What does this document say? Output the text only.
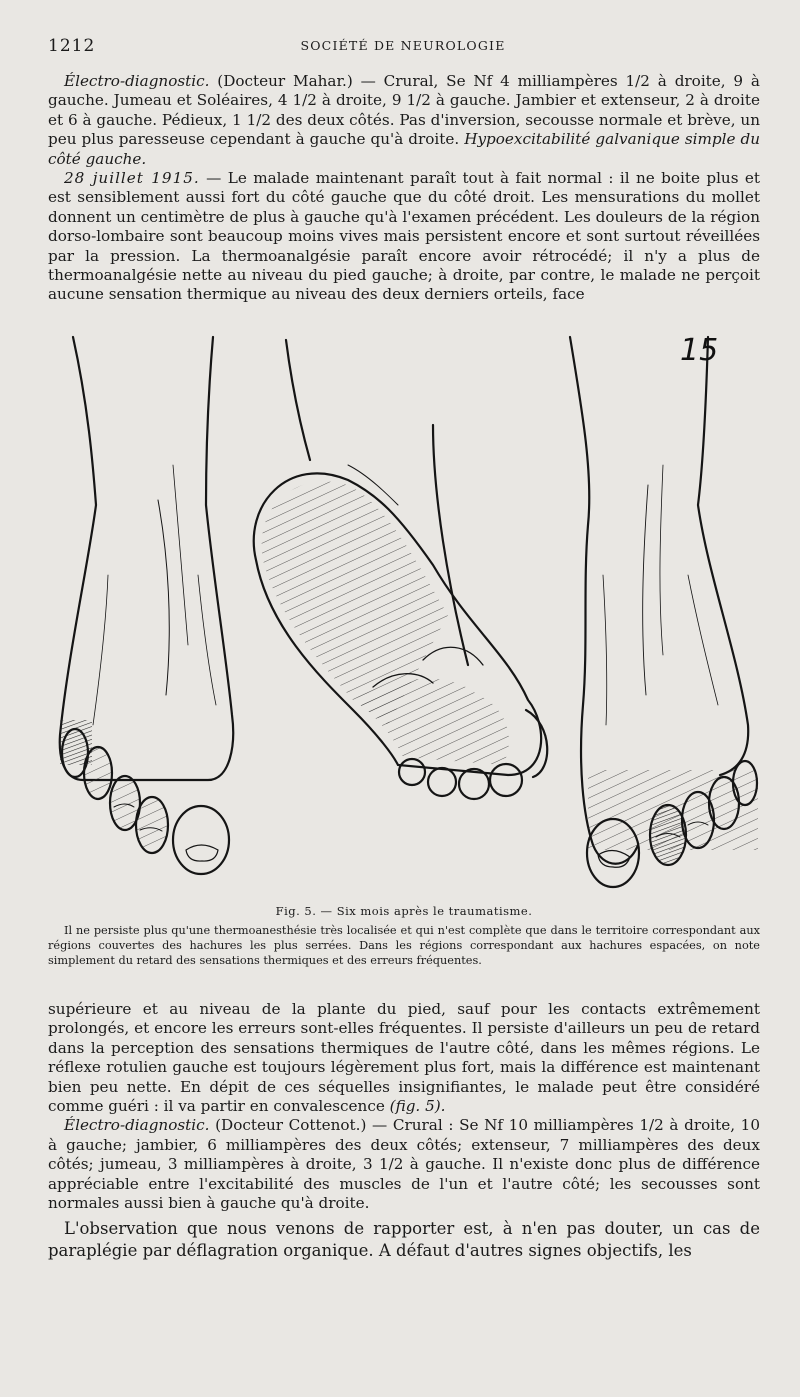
1212	SOCIÉTÉ DE NEUROLOGIE

Électro-diagnostic. (Docteur Mahar.) — Crural, Se Nf 4 milliampères 1/2 à droite, 9 à gauche. Jumeau et Soléaires, 4 1/2 à droite, 9 1/2 à gauche. Jambier et extenseur, 2 à droite et 6 à gauche. Pédieux, 1 1/2 des deux côtés. Pas d'inversion, secousse normale et brève, un peu plus paresseuse cependant à gauche qu'à droite. Hypoexcitabilité galvanique simple du côté gauche.

28 juillet 1915. — Le malade maintenant paraît tout à fait normal : il ne boite plus et est sensiblement aussi fort du côté gauche que du côté droit. Les mensurations du mollet donnent un centimètre de plus à gauche qu'à l'examen précédent. Les douleurs de la région dorso-lombaire sont beaucoup moins vives mais persistent encore et sont surtout réveillées par la pression. La thermoanalgésie paraît encore avoir rétrocédé; il n'y a plus de thermoanalgésie nette au niveau du pied gauche; à droite, par contre, le malade ne perçoit aucune sensation thermique au niveau des deux derniers orteils, face

15
Fig. 5. — Six mois après le traumatisme.

Il ne persiste plus qu'une thermoanesthésie très localisée et qui n'est complète que dans le territoire correspondant aux régions couvertes des hachures les plus serrées. Dans les régions correspondant aux hachures espacées, on note simplement du retard des sensations thermiques et des erreurs fréquentes.

supérieure et au niveau de la plante du pied, sauf pour les contacts extrêmement prolongés, et encore les erreurs sont-elles fréquentes. Il persiste d'ailleurs un peu de retard dans la perception des sensations thermiques de l'autre côté, dans les mêmes régions. Le réflexe rotulien gauche est toujours légèrement plus fort, mais la différence est maintenant bien peu nette. En dépit de ces séquelles insignifiantes, le malade peut être considéré comme guéri : il va partir en convalescence (fig. 5).

Électro-diagnostic. (Docteur Cottenot.) — Crural : Se Nf 10 milliampères 1/2 à droite, 10 à gauche; jambier, 6 milliampères des deux côtés; extenseur, 7 milliampères des deux côtés; jumeau, 3 milliampères à droite, 3 1/2 à gauche. Il n'existe donc plus de différence appréciable entre l'excitabilité des muscles de l'un et l'autre côté; les secousses sont normales aussi bien à gauche qu'à droite.

L'observation que nous venons de rapporter est, à n'en pas douter, un cas de paraplégie par déflagration organique. A défaut d'autres signes objectifs, les
